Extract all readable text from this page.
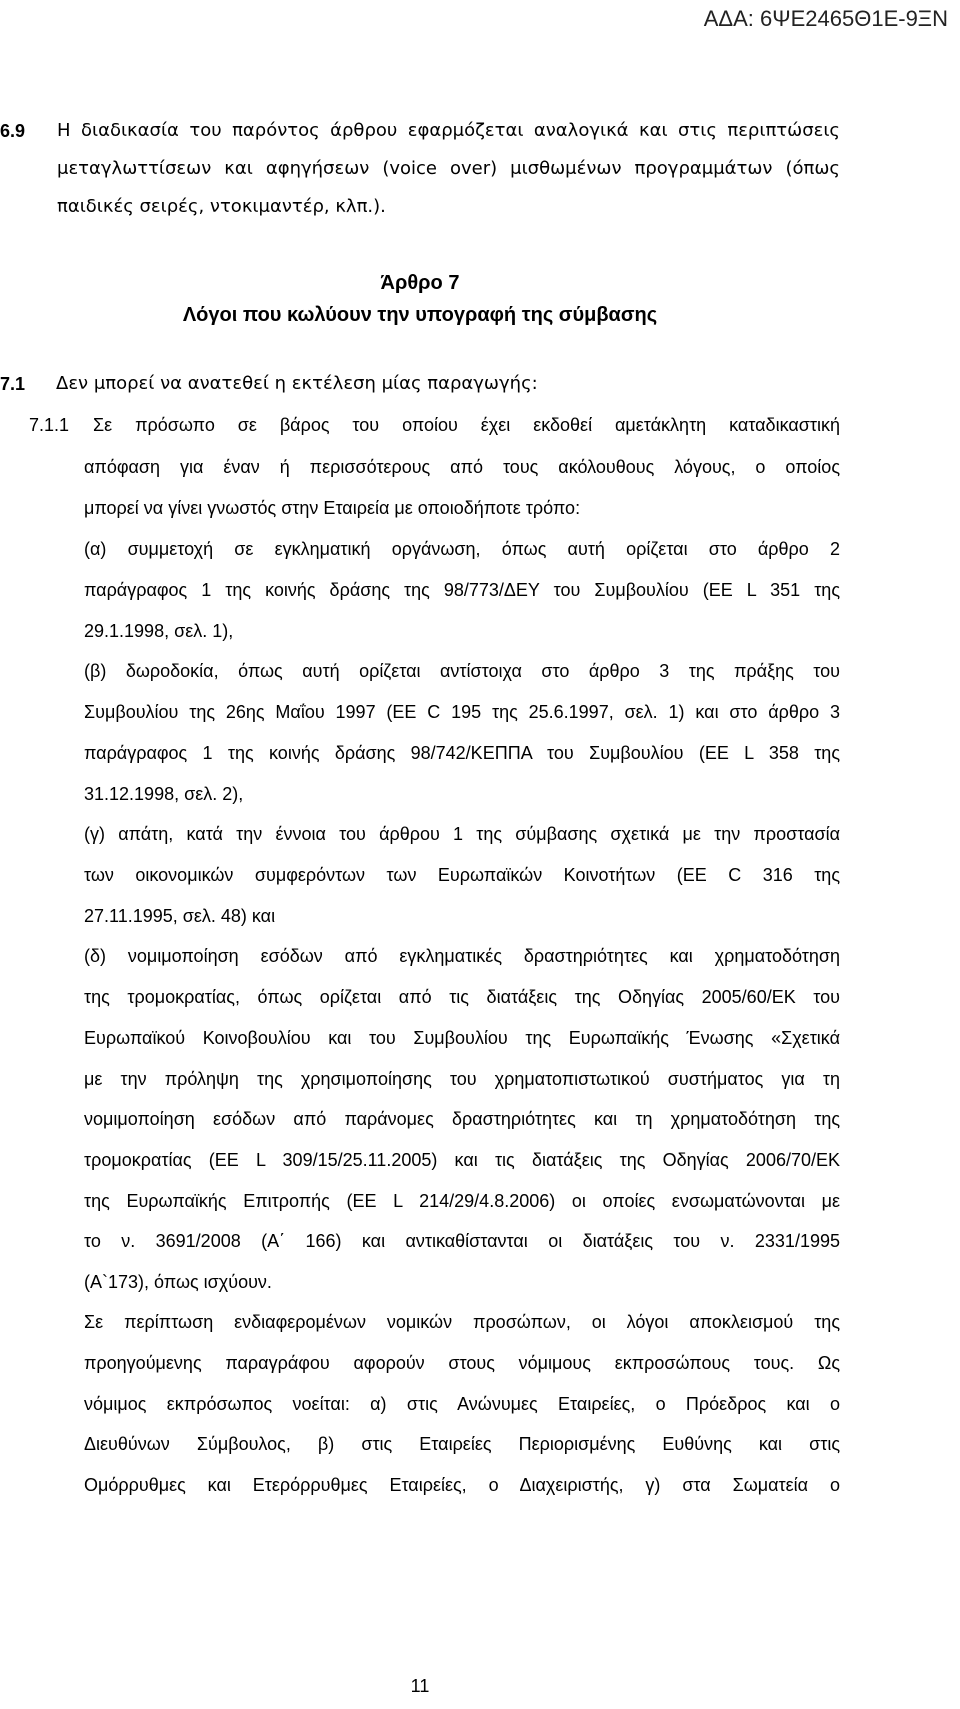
ΑΔΑ: 6ΨΕ2465Θ1Ε-9ΞΝ
6.9 Η διαδικασία του παρόντος άρθρου εφαρμόζεται αναλογικά και στις περιπτώσεις
μεταγλωττίσεων και αφηγήσεων (voice over) μισθωμένων προγραμμάτων (όπως
παιδικές σειρές, ντοκιμαντέρ, κλπ.).
Άρθρο 7
Λόγοι που κωλύουν την υπογραφή της σύμβασης
7.1 Δεν μπορεί να ανατεθεί η εκτέλεση μίας παραγωγής:
7.1.1 Σε πρόσωπο σε βάρος του οποίου έχει εκδοθεί αμετάκλητη καταδικαστική
απόφαση για έναν ή περισσότερους από τους ακόλουθους λόγους, ο οποίος
μπορεί να γίνει γνωστός στην Εταιρεία με οποιοδήποτε τρόπο:
(α) συμμετοχή σε εγκληματική οργάνωση, όπως αυτή ορίζεται στο άρθρο 2
παράγραφος 1 της κοινής δράσης της 98/773/ΔΕΥ του Συμβουλίου (ΕΕ L 351 της
29.1.1998, σελ. 1),
(β) δωροδοκία, όπως αυτή ορίζεται αντίστοιχα στο άρθρο 3 της πράξης του
Συμβουλίου της 26ης Μαΐου 1997 (ΕΕ C 195 της 25.6.1997, σελ. 1) και στο άρθρο 3
παράγραφος 1 της κοινής δράσης 98/742/ΚΕΠΠΑ του Συμβουλίου (ΕΕ L 358 της
31.12.1998, σελ. 2),
(γ) απάτη, κατά την έννοια του άρθρου 1 της σύμβασης σχετικά με την προστασία
των οικονομικών συμφερόντων των Ευρωπαϊκών Κοινοτήτων (ΕΕ C 316 της
27.11.1995, σελ. 48) και
(δ) νομιμοποίηση εσόδων από εγκληματικές δραστηριότητες και χρηματοδότηση
της τρομοκρατίας, όπως ορίζεται από τις διατάξεις της Οδηγίας 2005/60/ΕΚ του
Ευρωπαϊκού Κοινοβουλίου και του Συμβουλίου της Ευρωπαϊκής Ένωσης «Σχετικά
με την πρόληψη της χρησιμοποίησης του χρηματοπιστωτικού συστήματος για τη
νομιμοποίηση εσόδων από παράνομες δραστηριότητες και τη χρηματοδότηση της
τρομοκρατίας (ΕΕ L 309/15/25.11.2005) και τις διατάξεις της Οδηγίας 2006/70/ΕΚ
της Ευρωπαϊκής Επιτροπής (ΕΕ L 214/29/4.8.2006) οι οποίες ενσωματώνονται με
το ν. 3691/2008 (Α΄ 166) και αντικαθίστανται οι διατάξεις του ν. 2331/1995
(Α`173), όπως ισχύουν.
Σε περίπτωση ενδιαφερομένων νομικών προσώπων, οι λόγοι αποκλεισμού της
προηγούμενης παραγράφου αφορούν στους νόμιμους εκπροσώπους τους. Ως
νόμιμος εκπρόσωπος νοείται: α) στις Ανώνυμες Εταιρείες, ο Πρόεδρος και ο
Διευθύνων Σύμβουλος, β) στις Εταιρείες Περιορισμένης Ευθύνης και στις
Ομόρρυθμες και Ετερόρρυθμες Εταιρείες, ο Διαχειριστής, γ) στα Σωματεία ο
11
